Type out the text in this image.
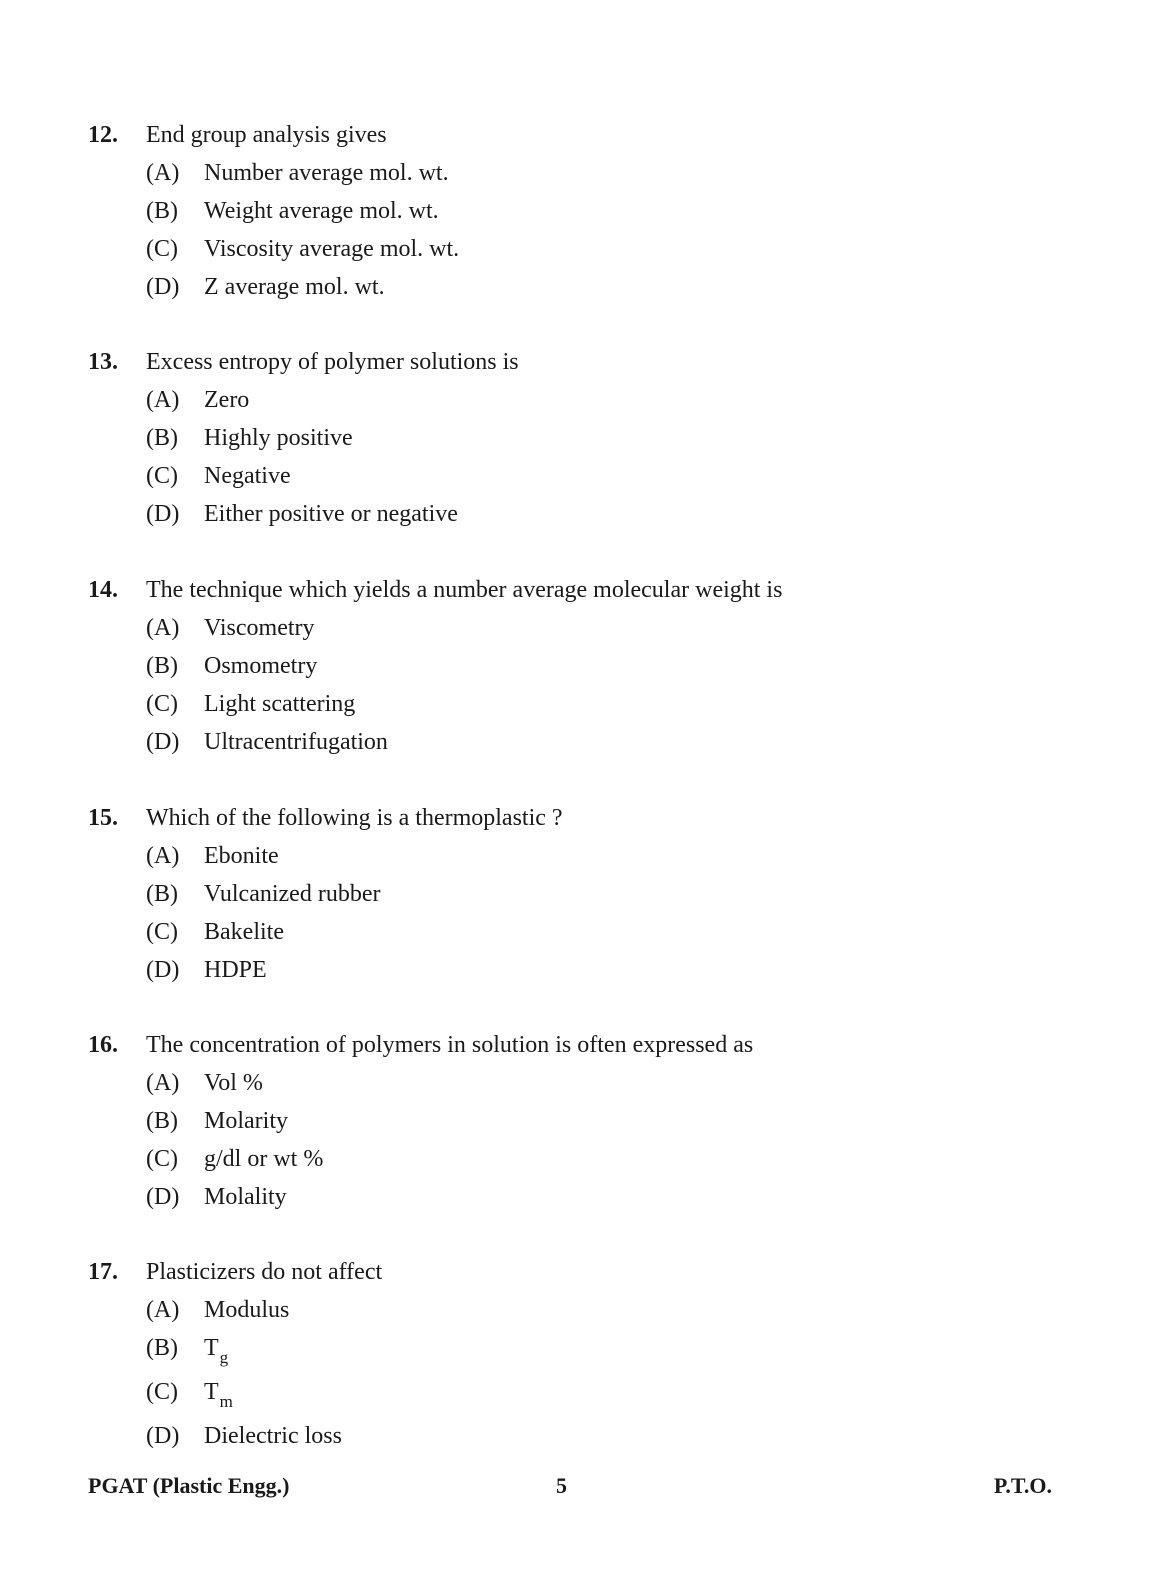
12. End group analysis gives
(A) Number average mol. wt.
(B) Weight average mol. wt.
(C) Viscosity average mol. wt.
(D) Z average mol. wt.
13. Excess entropy of polymer solutions is
(A) Zero
(B) Highly positive
(C) Negative
(D) Either positive or negative
14. The technique which yields a number average molecular weight is
(A) Viscometry
(B) Osmometry
(C) Light scattering
(D) Ultracentrifugation
15. Which of the following is a thermoplastic ?
(A) Ebonite
(B) Vulcanized rubber
(C) Bakelite
(D) HDPE
16. The concentration of polymers in solution is often expressed as
(A) Vol %
(B) Molarity
(C) g/dl or wt %
(D) Molality
17. Plasticizers do not affect
(A) Modulus
(B) $T_g$
(C) $T_m$
(D) Dielectric loss
PGAT (Plastic Engg.)	5	P.T.O.
